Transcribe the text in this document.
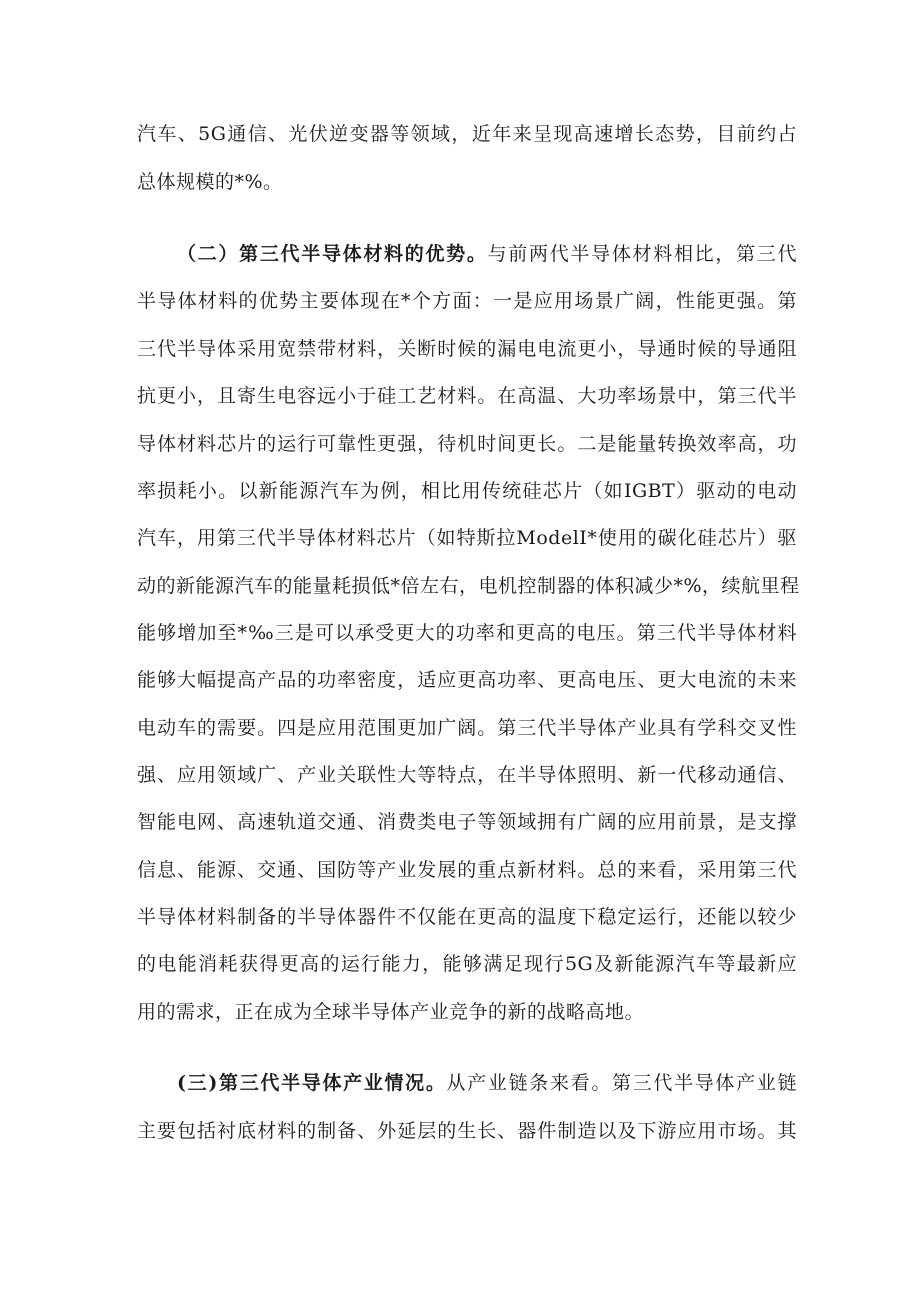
汽车、5G通信、光伏逆变器等领域，近年来呈现高速增长态势，目前约占
总体规模的*%。
（二）第三代半导体材料的优势。与前两代半导体材料相比，第三代
半导体材料的优势主要体现在*个方面：一是应用场景广阔，性能更强。第
三代半导体采用宽禁带材料，关断时候的漏电电流更小，导通时候的导通阻
抗更小，且寄生电容远小于硅工艺材料。在高温、大功率场景中，第三代半
导体材料芯片的运行可靠性更强，待机时间更长。二是能量转换效率高，功
率损耗小。以新能源汽车为例，相比用传统硅芯片（如IGBT）驱动的电动
汽车，用第三代半导体材料芯片（如特斯拉ModelI*使用的碳化硅芯片）驱
动的新能源汽车的能量耗损低*倍左右，电机控制器的体积减少*%，续航里程
能够增加至*‰三是可以承受更大的功率和更高的电压。第三代半导体材料
能够大幅提高产品的功率密度，适应更高功率、更高电压、更大电流的未来
电动车的需要。四是应用范围更加广阔。第三代半导体产业具有学科交叉性
强、应用领域广、产业关联性大等特点，在半导体照明、新一代移动通信、
智能电网、高速轨道交通、消费类电子等领域拥有广阔的应用前景，是支撑
信息、能源、交通、国防等产业发展的重点新材料。总的来看，采用第三代
半导体材料制备的半导体器件不仅能在更高的温度下稳定运行，还能以较少
的电能消耗获得更高的运行能力，能够满足现行5G及新能源汽车等最新应
用的需求，正在成为全球半导体产业竞争的新的战略高地。
(三)第三代半导体产业情况。从产业链条来看。第三代半导体产业链
主要包括衬底材料的制备、外延层的生长、器件制造以及下游应用市场。其
